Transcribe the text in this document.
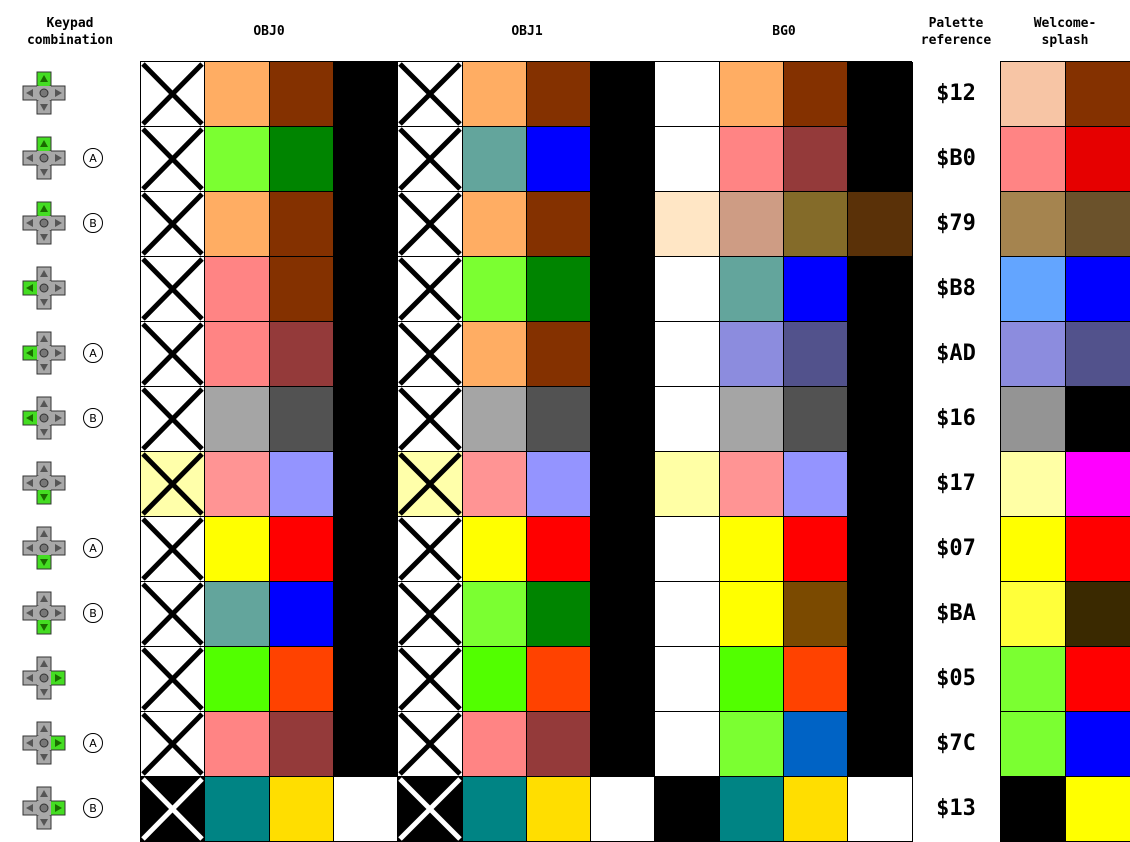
Keypad
combination
OBJ0	OBJ1	BG0
Palette
reference
Welcome-
splash
A
B
A
B
A
B
A
B
$12
$B0
$79
$B8
$AD
$16
$17
$07
$BA
$05
$7C
$13
